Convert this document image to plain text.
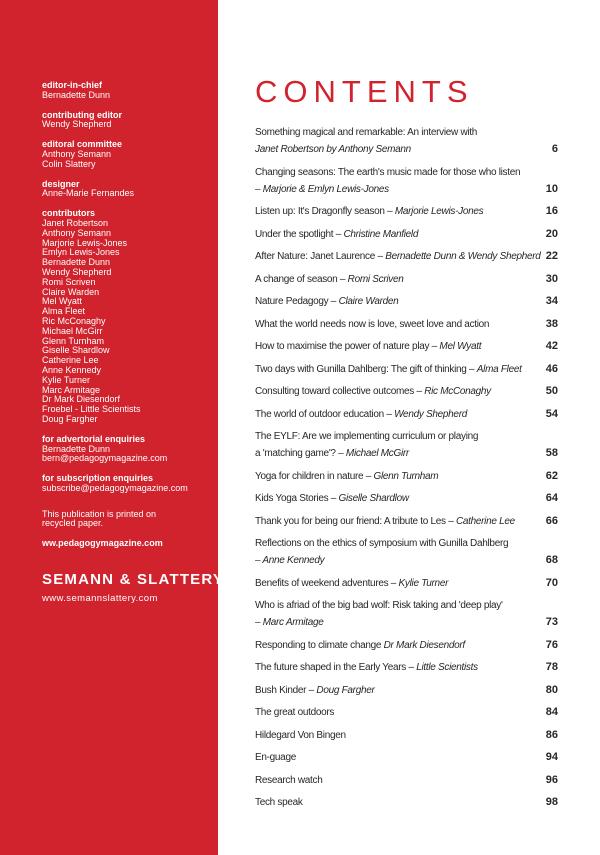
editor-in-chief
Bernadette Dunn
contributing editor
Wendy Shepherd
editoral committee
Anthony Semann
Colin Slattery
designer
Anne-Marie Fernandes
contributors
Janet Robertson
Anthony Semann
Marjorie Lewis-Jones
Emlyn Lewis-Jones
Bernadette Dunn
Wendy Shepherd
Romi Scriven
Claire Warden
Mel Wyatt
Alma Fleet
Ric McConaghy
Michael McGirr
Glenn Turnham
Giselle Shardlow
Catherine Lee
Anne Kennedy
Kylie Turner
Marc Armitage
Dr Mark Diesendorf
Froebel - Little Scientists
Doug Fargher
for advertorial enquiries
Bernadette Dunn
bern@pedagogymagazine.com
for subscription enquiries
subscribe@pedagogymagazine.com
This publication is printed on
recycled paper.
ww.pedagogymagazine.com
SEMANN & SLATTERY
www.semannslattery.com
CONTENTS
Something magical and remarkable: An interview with
Janet Robertson by Anthony Semann	6
Changing seasons: The earth's music made for those who listen
– Marjorie & Emlyn Lewis-Jones	10
Listen up: It's Dragonfly season – Marjorie Lewis-Jones	16
Under the spotlight – Christine Manfield	20
After Nature: Janet Laurence – Bernadette Dunn & Wendy Shepherd 22
A change of season – Romi Scriven	30
Nature Pedagogy – Claire Warden	34
What the world needs now is love, sweet love and action	38
How to maximise the power of nature play – Mel Wyatt	42
Two days with Gunilla Dahlberg: The gift of thinking – Alma Fleet	46
Consulting toward collective outcomes – Ric McConaghy	50
The world of outdoor education – Wendy Shepherd	54
The EYLF: Are we implementing curriculum or playing
a 'matching game'? – Michael McGirr	58
Yoga for children in nature – Glenn Turnham	62
Kids Yoga Stories – Giselle Shardlow	64
Thank you for being our friend: A tribute to Les – Catherine Lee	66
Reflections on the ethics of symposium with Gunilla Dahlberg
– Anne Kennedy	68
Benefits of weekend adventures – Kylie Turner	70
Who is afriad of the big bad wolf: Risk taking and 'deep play'
– Marc Armitage	73
Responding to climate change Dr Mark Diesendorf	76
The future shaped in the Early Years – Little Scientists	78
Bush Kinder – Doug Fargher	80
The great outdoors	84
Hildegard Von Bingen	86
En-guage	94
Research watch	96
Tech speak	98
